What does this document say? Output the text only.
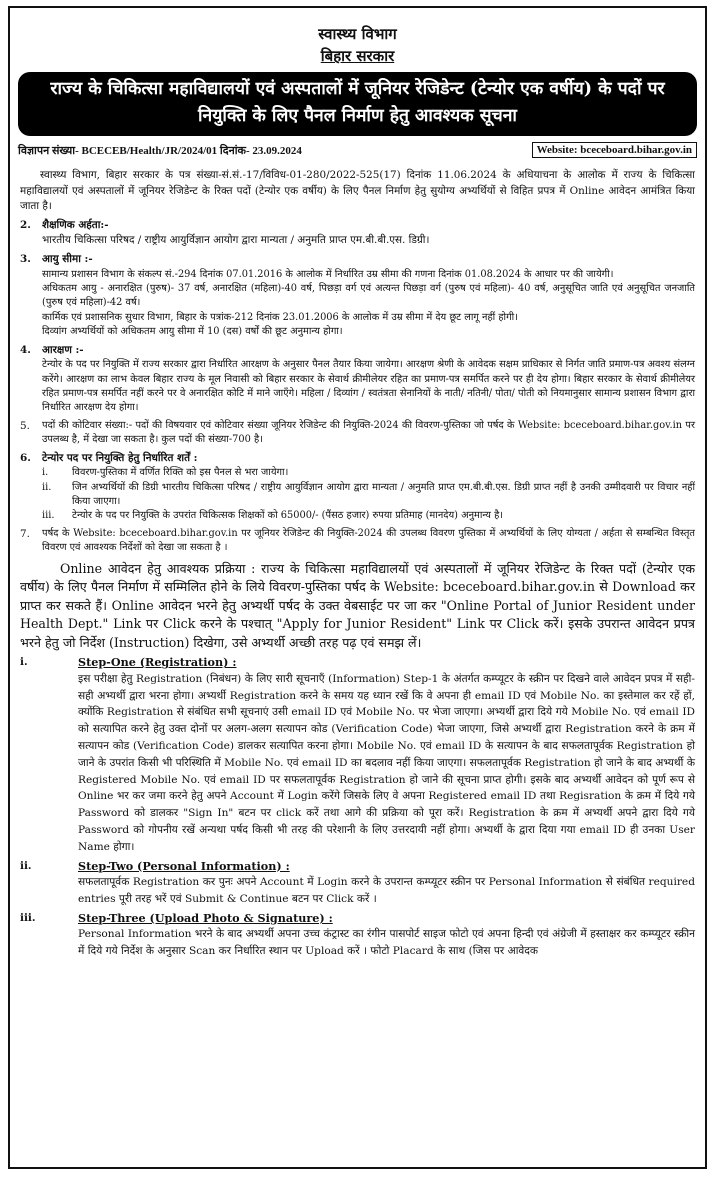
स्वास्थ्य विभाग
बिहार सरकार
राज्य के चिकित्सा महाविद्यालयों एवं अस्पतालों में जूनियर रेजिडेन्ट (टेन्योर एक वर्षीय) के पदों पर नियुक्ति के लिए पैनल निर्माण हेतु आवश्यक सूचना
विज्ञापन संख्या- BCECEB/Health/JR/2024/01 दिनांक- 23.09.2024	Website: bceceboard.bihar.gov.in

स्वास्थ्य विभाग, बिहार सरकार के पत्र संख्या-सं.सं.-17/विविध-01-280/2022-525(17) दिनांक 11.06.2024 के अधियाचना के आलोक में राज्य के चिकित्सा महाविद्यालयों एवं अस्पतालों में जूनियर रेजिडेन्ट के रिक्त पदों (टेन्योर एक वर्षीय) के लिए पैनल निर्माण हेतु सुयोग्य अभ्यर्थियों से विहित प्रपत्र में Online आवेदन आमंत्रित किया जाता है।

2.	शैक्षणिक अर्हता:-

भारतीय चिकित्सा परिषद / राष्ट्रीय आयुर्विज्ञान आयोग द्वारा मान्यता / अनुमति प्राप्त एम.बी.बी.एस. डिग्री।

3.	आयु सीमा :-

सामान्य प्रशासन विभाग के संकल्प सं.-294 दिनांक 07.01.2016 के आलोक में निर्धारित उम्र सीमा की गणना दिनांक 01.08.2024 के आधार पर की जायेगी।

अधिकतम आयु - अनारक्षित (पुरुष)- 37 वर्ष, अनारक्षित (महिला)-40 वर्ष, पिछड़ा वर्ग एवं अत्यन्त पिछड़ा वर्ग (पुरुष एवं महिला)- 40 वर्ष, अनुसूचित जाति एवं अनुसूचित जनजाति (पुरुष एवं महिला)-42 वर्ष।

कार्मिक एवं प्रशासनिक सुधार विभाग, बिहार के पत्रांक-212 दिनांक 23.01.2006 के आलोक में उम्र सीमा में देय छूट लागू नहीं होगी।

दिव्यांग अभ्यर्थियों को अधिकतम आयु सीमा में 10 (दस) वर्षों की छूट अनुमान्य होगा।

4.	आरक्षण :-

टेन्योर के पद पर नियुक्ति में राज्य सरकार द्वारा निर्धारित आरक्षण के अनुसार पैनल तैयार किया जायेगा। आरक्षण श्रेणी के आवेदक सक्षम प्राधिकार से निर्गत जाति प्रमाण-पत्र अवश्य संलग्न करेंगे। आरक्षण का लाभ केवल बिहार राज्य के मूल निवासी को बिहार सरकार के सेवार्थ क्रीमीलेयर रहित का प्रमाण-पत्र समर्पित करने पर ही देय होगा। बिहार सरकार के सेवार्थ क्रीमीलेयर रहित प्रमाण-पत्र समर्पित नहीं करने पर वे अनारक्षित कोटि में माने जाएँगे। महिला / दिव्यांग / स्वतंत्रता सेनानियों के नाती/ नतिनी/ पोता/ पोती को नियमानुसार सामान्य प्रशासन विभाग द्वारा निर्धारित आरक्षण देय होगा।

5.	पदों की कोटिवार संख्या:- पदों की विषयवार एवं कोटिवार संख्या जूनियर रेजिडेन्ट की नियुक्ति-2024 की विवरण-पुस्तिका जो पर्षद के Website: bceceboard.bihar.gov.in पर उपलब्ध है, में देखा जा सकता है। कुल पदों की संख्या-700 है।
6.	टेन्योर पद पर नियुक्ति हेतु निर्धारित शर्तें :
i.	विवरण-पुस्तिका में वर्णित रिक्ति को इस पैनल से भरा जायेगा।
ii.	जिन अभ्यर्थियों की डिग्री भारतीय चिकित्सा परिषद / राष्ट्रीय आयुर्विज्ञान आयोग द्वारा मान्यता / अनुमति प्राप्त एम.बी.बी.एस. डिग्री प्राप्त नहीं है उनकी उम्मीदवारी पर विचार नहीं किया जाएगा।
iii.	टेन्योर के पद पर नियुक्ति के उपरांत चिकित्सक शिक्षकों को 65000/- (पैंसठ हजार) रुपया प्रतिमाह (मानदेय) अनुमान्य है।
7.	पर्षद के Website: bceceboard.bihar.gov.in पर जूनियर रेजिडेन्ट की नियुक्ति-2024 की उपलब्ध विवरण पुस्तिका में अभ्यर्थियों के लिए योग्यता / अर्हता से सम्बन्धित विस्तृत विवरण एवं आवश्यक निर्देशों को देखा जा सकता है ।

Online आवेदन हेतु आवश्यक प्रक्रिया : राज्य के चिकित्सा महाविद्यालयों एवं अस्पतालों में जूनियर रेजिडेन्ट के रिक्त पदों (टेन्योर एक वर्षीय) के लिए पैनल निर्माण में सम्मिलित होने के लिये विवरण-पुस्तिका पर्षद के Website: bceceboard.bihar.gov.in से Download कर प्राप्त कर सकते हैं। Online आवेदन भरने हेतु अभ्यर्थी पर्षद के उक्त वेबसाईट पर जा कर "Online Portal of Junior Resident under Health Dept." Link पर Click करने के पश्चात् "Apply for Junior Resident" Link पर Click करें। इसके उपरान्त आवेदन प्रपत्र भरने हेतु जो निर्देश (Instruction) दिखेगा, उसे अभ्यर्थी अच्छी तरह पढ़ एवं समझ लें।

i.	Step-One (Registration) :

इस परीक्षा हेतु Registration (निबंधन) के लिए सारी सूचनाएँ (Information) Step-1 के अंतर्गत कम्प्यूटर के स्क्रीन पर दिखने वाले आवेदन प्रपत्र में सही-सही अभ्यर्थी द्वारा भरना होगा। अभ्यर्थी Registration करने के समय यह ध्यान रखें कि वे अपना ही email ID एवं Mobile No. का इस्तेमाल कर रहें हों, क्योंकि Registration से संबंधित सभी सूचनाएं उसी email ID एवं Mobile No. पर भेजा जाएगा। अभ्यर्थी द्वारा दिये गये Mobile No. एवं email ID को सत्यापित करने हेतु उक्त दोनों पर अलग-अलग सत्यापन कोड (Verification Code) भेजा जाएगा, जिसे अभ्यर्थी द्वारा Registration करने के क्रम में सत्यापन कोड (Verification Code) डालकर सत्यापित करना होगा। Mobile No. एवं email ID के सत्यापन के बाद सफलतापूर्वक Registration हो जाने के उपरांत किसी भी परिस्थिति में Mobile No. एवं email ID का बदलाव नहीं किया जाएगा। सफलतापूर्वक Registration हो जाने के बाद अभ्यर्थी के Registered Mobile No. एवं email ID पर सफलतापूर्वक Registration हो जाने की सूचना प्राप्त होगी। इसके बाद अभ्यर्थी आवेदन को पूर्ण रूप से Online भर कर जमा करने हेतु अपने Account में Login करेंगे जिसके लिए वे अपना Registered email ID तथा Regisration के क्रम में दिये गये Password को डालकर "Sign In" बटन पर click करें तथा आगे की प्रक्रिया को पूरा करें। Registration के क्रम में अभ्यर्थी अपने द्वारा दिये गये Password को गोपनीय रखें अन्यथा पर्षद किसी भी तरह की परेशानी के लिए उत्तरदायी नहीं होगा। अभ्यर्थी के द्वारा दिया गया email ID ही उनका User Name होगा।

ii.	Step-Two (Personal Information) :

सफलतापूर्वक Registration कर पुनः अपने Account में Login करने के उपरान्त कम्प्यूटर स्क्रीन पर Personal Information से संबंधित required entries पूरी तरह भरें एवं Submit & Continue बटन पर Click करें ।

iii.	Step-Three (Upload Photo & Signature) :

Personal Information भरने के बाद अभ्यर्थी अपना उच्च कंट्रास्ट का रंगीन पासपोर्ट साइज फोटो एवं अपना हिन्दी एवं अंग्रेजी में हस्ताक्षर कर कम्प्यूटर स्क्रीन में दिये गये निर्देश के अनुसार Scan कर निर्धारित स्थान पर Upload करें । फोटो Placard के साथ (जिस पर आवेदक
